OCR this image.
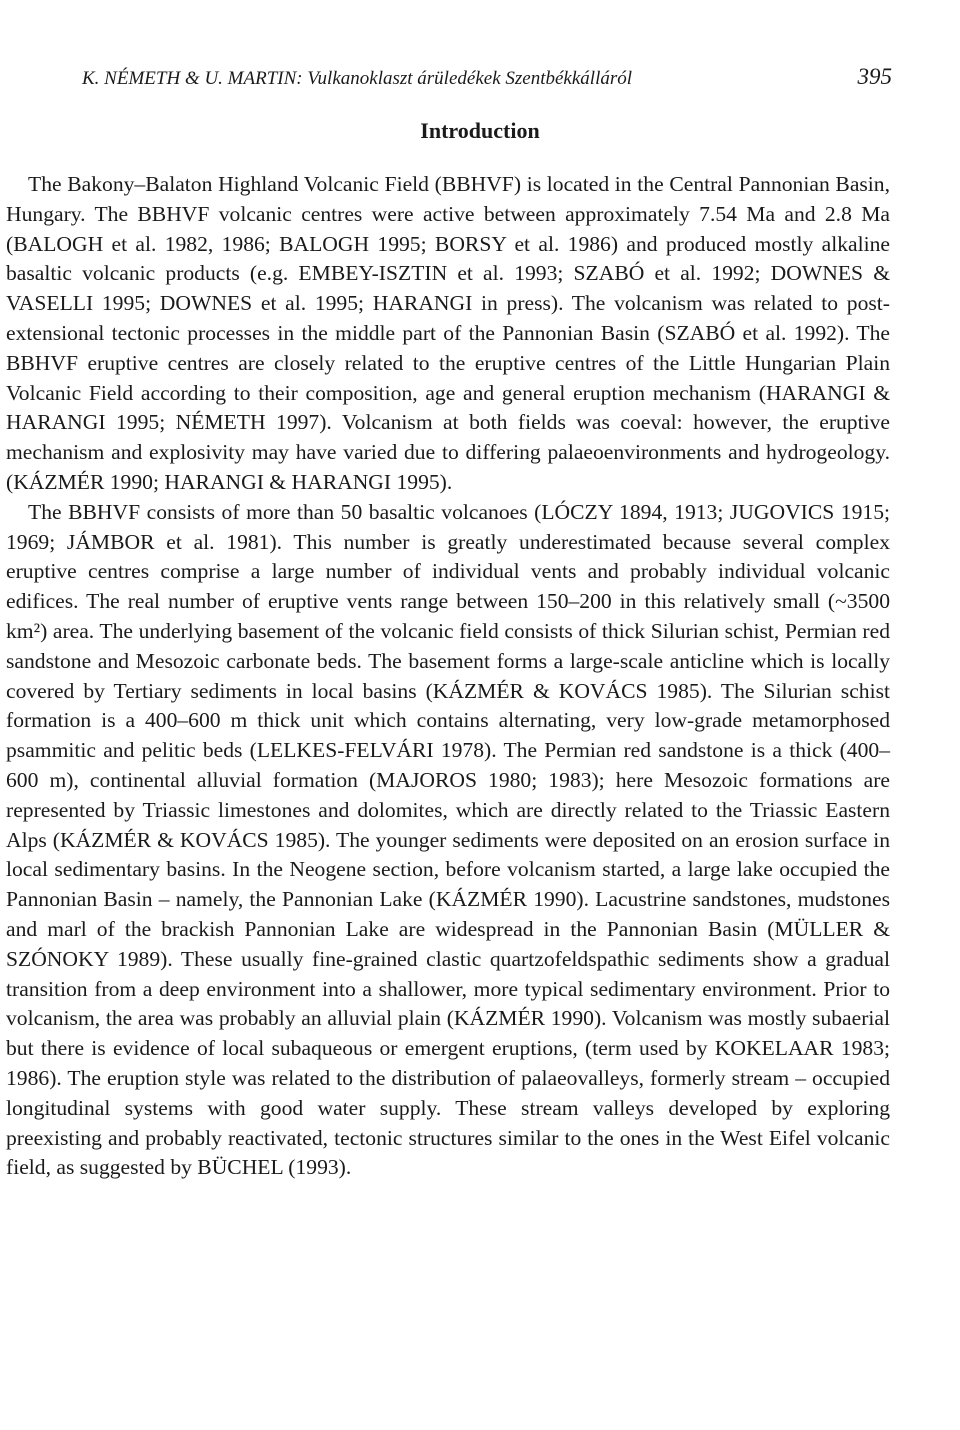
K. NÉMETH & U. MARTIN: Vulkanoklaszt árüledékek Szentbékkálláról	395
Introduction

The Bakony–Balaton Highland Volcanic Field (BBHVF) is located in the Central Pannonian Basin, Hungary. The BBHVF volcanic centres were active between approximately 7.54 Ma and 2.8 Ma (BALOGH et al. 1982, 1986; BALOGH 1995; BORSY et al. 1986) and produced mostly alkaline basaltic volcanic products (e.g. EMBEY-ISZTIN et al. 1993; SZABÓ et al. 1992; DOWNES & VASELLI 1995; DOWNES et al. 1995; HARANGI in press). The volcanism was related to post-extensional tectonic processes in the middle part of the Pannonian Basin (SZABÓ et al. 1992). The BBHVF eruptive centres are closely related to the eruptive centres of the Little Hungarian Plain Volcanic Field according to their composition, age and general eruption mechanism (HARANGI & HARANGI 1995; NÉMETH 1997). Volcanism at both fields was coeval: however, the eruptive mechanism and explosivity may have varied due to differing palaeoenvironments and hydrogeology. (KÁZMÉR 1990; HARANGI & HARANGI 1995).

The BBHVF consists of more than 50 basaltic volcanoes (LÓCZY 1894, 1913; JUGOVICS 1915; 1969; JÁMBOR et al. 1981). This number is greatly underestimated because several complex eruptive centres comprise a large number of individual vents and probably individual volcanic edifices. The real number of eruptive vents range between 150–200 in this relatively small (~3500 km²) area. The underlying basement of the volcanic field consists of thick Silurian schist, Permian red sandstone and Mesozoic carbonate beds. The basement forms a large-scale anticline which is locally covered by Tertiary sediments in local basins (KÁZMÉR & KOVÁCS 1985). The Silurian schist formation is a 400–600 m thick unit which contains alternating, very low-grade metamorphosed psammitic and pelitic beds (LELKES-FELVÁRI 1978). The Permian red sandstone is a thick (400–600 m), continental alluvial formation (MAJOROS 1980; 1983); here Mesozoic formations are represented by Triassic limestones and dolomites, which are directly related to the Triassic Eastern Alps (KÁZMÉR & KOVÁCS 1985). The younger sediments were deposited on an erosion surface in local sedimentary basins. In the Neogene section, before volcanism started, a large lake occupied the Pannonian Basin – namely, the Pannonian Lake (KÁZMÉR 1990). Lacustrine sandstones, mudstones and marl of the brackish Pannonian Lake are widespread in the Pannonian Basin (MÜLLER & SZÓNOKY 1989). These usually fine-grained clastic quartzofeldspathic sediments show a gradual transition from a deep environment into a shallower, more typical sedimentary environment. Prior to volcanism, the area was probably an alluvial plain (KÁZMÉR 1990). Volcanism was mostly subaerial but there is evidence of local subaqueous or emergent eruptions, (term used by KOKELAAR 1983; 1986). The eruption style was related to the distribution of palaeovalleys, formerly stream – occupied longitudinal systems with good water supply. These stream valleys developed by exploring preexisting and probably reactivated, tectonic structures similar to the ones in the West Eifel volcanic field, as suggested by BÜCHEL (1993).
